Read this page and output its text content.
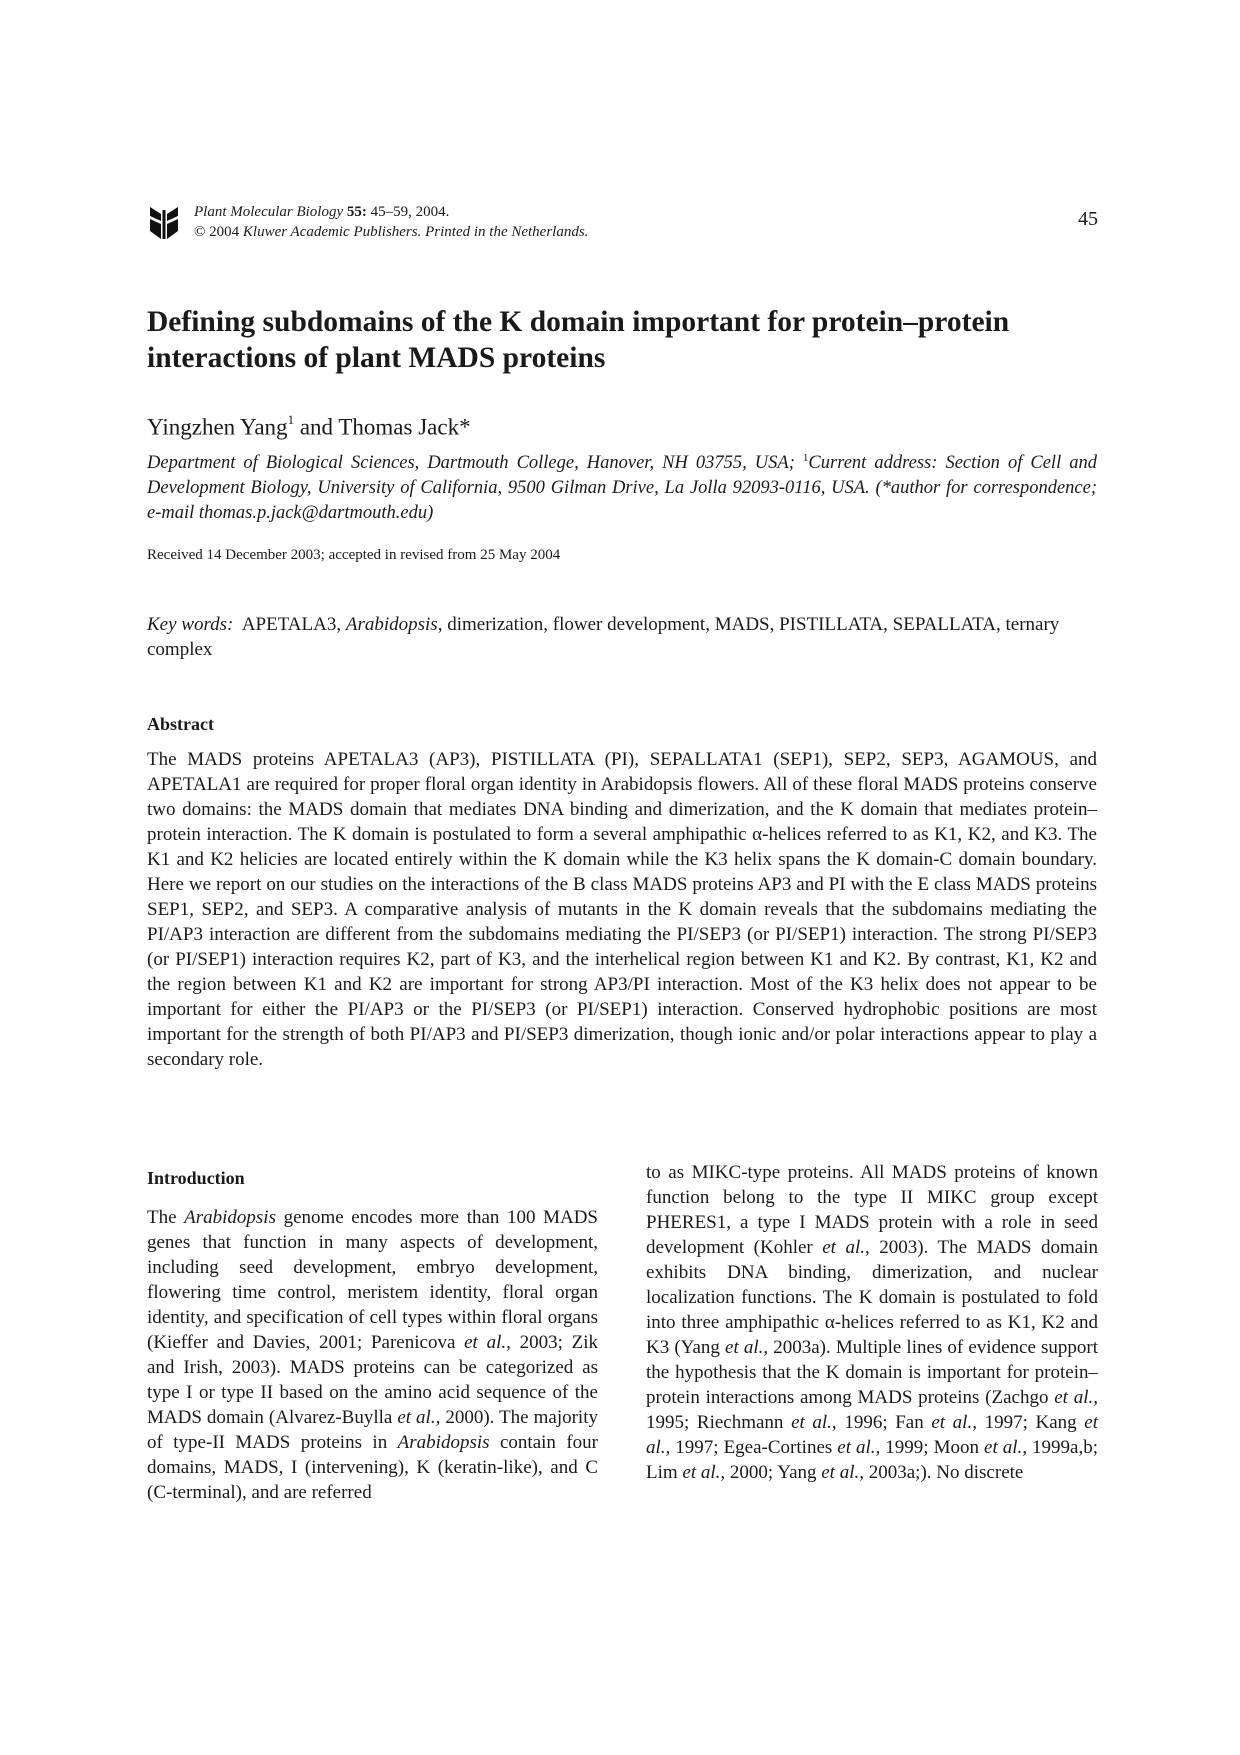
Plant Molecular Biology 55: 45–59, 2004.
© 2004 Kluwer Academic Publishers. Printed in the Netherlands.
45
Defining subdomains of the K domain important for protein–protein interactions of plant MADS proteins
Yingzhen Yang$^1$ and Thomas Jack*
Department of Biological Sciences, Dartmouth College, Hanover, NH 03755, USA; $^1$Current address: Section of Cell and Development Biology, University of California, 9500 Gilman Drive, La Jolla 92093-0116, USA. (*author for correspondence; e-mail thomas.p.jack@dartmouth.edu)
Received 14 December 2003; accepted in revised from 25 May 2004
Key words: APETALA3, Arabidopsis, dimerization, flower development, MADS, PISTILLATA, SEPALLATA, ternary complex
Abstract
The MADS proteins APETALA3 (AP3), PISTILLATA (PI), SEPALLATA1 (SEP1), SEP2, SEP3, AGAMOUS, and APETALA1 are required for proper floral organ identity in Arabidopsis flowers. All of these floral MADS proteins conserve two domains: the MADS domain that mediates DNA binding and dimerization, and the K domain that mediates protein–protein interaction. The K domain is postulated to form a several amphipathic α-helices referred to as K1, K2, and K3. The K1 and K2 helicies are located entirely within the K domain while the K3 helix spans the K domain-C domain boundary. Here we report on our studies on the interactions of the B class MADS proteins AP3 and PI with the E class MADS proteins SEP1, SEP2, and SEP3. A comparative analysis of mutants in the K domain reveals that the subdomains mediating the PI/AP3 interaction are different from the subdomains mediating the PI/SEP3 (or PI/SEP1) interaction. The strong PI/SEP3 (or PI/SEP1) interaction requires K2, part of K3, and the interhelical region between K1 and K2. By contrast, K1, K2 and the region between K1 and K2 are important for strong AP3/PI interaction. Most of the K3 helix does not appear to be important for either the PI/AP3 or the PI/SEP3 (or PI/SEP1) interaction. Conserved hydrophobic positions are most important for the strength of both PI/AP3 and PI/SEP3 dimerization, though ionic and/or polar interactions appear to play a secondary role.
Introduction
The Arabidopsis genome encodes more than 100 MADS genes that function in many aspects of development, including seed development, embryo development, flowering time control, meristem identity, floral organ identity, and specification of cell types within floral organs (Kieffer and Davies, 2001; Parenicova et al., 2003; Zik and Irish, 2003). MADS proteins can be categorized as type I or type II based on the amino acid sequence of the MADS domain (Alvarez-Buylla et al., 2000). The majority of type-II MADS proteins in Arabidopsis contain four domains, MADS, I (intervening), K (keratin-like), and C (C-terminal), and are referred
to as MIKC-type proteins. All MADS proteins of known function belong to the type II MIKC group except PHERES1, a type I MADS protein with a role in seed development (Kohler et al., 2003). The MADS domain exhibits DNA binding, dimerization, and nuclear localization functions. The K domain is postulated to fold into three amphipathic α-helices referred to as K1, K2 and K3 (Yang et al., 2003a). Multiple lines of evidence support the hypothesis that the K domain is important for protein–protein interactions among MADS proteins (Zachgo et al., 1995; Riechmann et al., 1996; Fan et al., 1997; Kang et al., 1997; Egea-Cortines et al., 1999; Moon et al., 1999a,b; Lim et al., 2000; Yang et al., 2003a;). No discrete
